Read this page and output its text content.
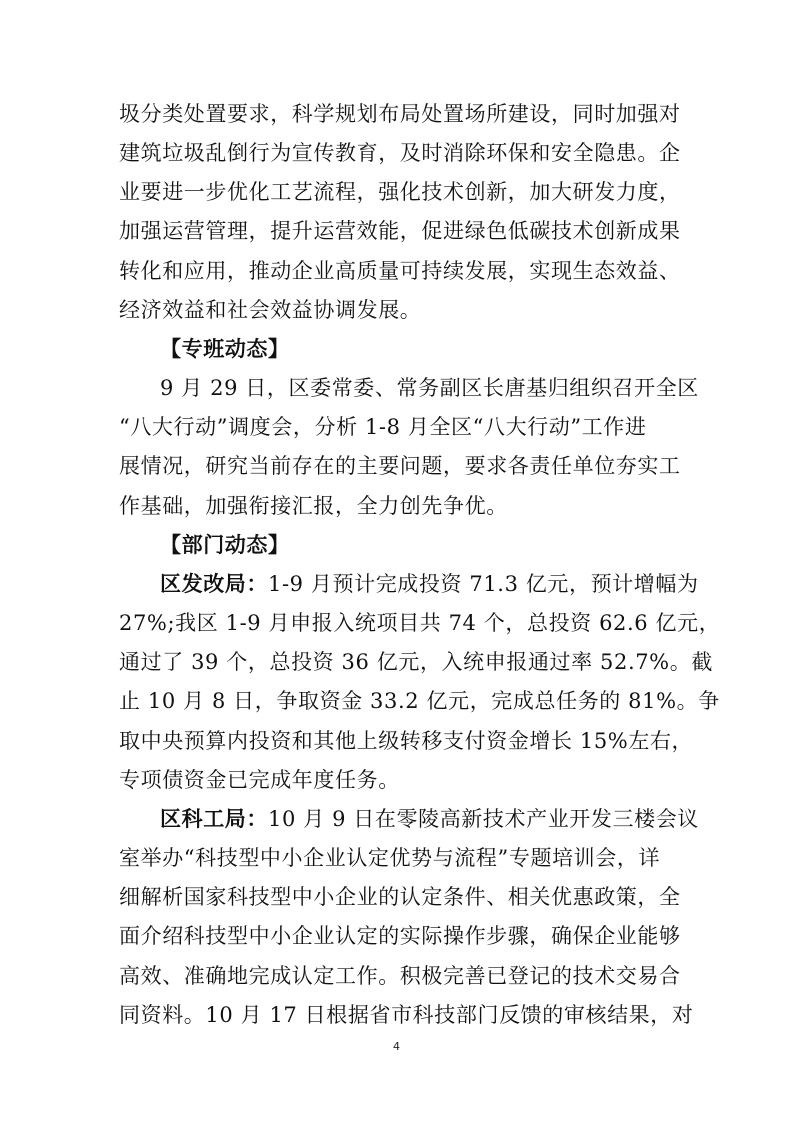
圾分类处置要求，科学规划布局处置场所建设，同时加强对
建筑垃圾乱倒行为宣传教育，及时消除环保和安全隐患。企
业要进一步优化工艺流程，强化技术创新，加大研发力度，
加强运营管理，提升运营效能，促进绿色低碳技术创新成果
转化和应用，推动企业高质量可持续发展，实现生态效益、
经济效益和社会效益协调发展。
【专班动态】
9 月 29 日，区委常委、常务副区长唐基归组织召开全区
“八大行动”调度会，分析 1-8 月全区“八大行动”工作进
展情况，研究当前存在的主要问题，要求各责任单位夯实工
作基础，加强衔接汇报，全力创先争优。
【部门动态】
区发改局：1-9 月预计完成投资 71.3 亿元，预计增幅为
27%;我区 1-9 月申报入统项目共 74 个，总投资 62.6 亿元，
通过了 39 个，总投资 36 亿元，入统申报通过率 52.7%。截
止 10 月 8 日，争取资金 33.2 亿元，完成总任务的 81%。争
取中央预算内投资和其他上级转移支付资金增长 15%左右，
专项债资金已完成年度任务。
区科工局：10 月 9 日在零陵高新技术产业开发三楼会议
室举办“科技型中小企业认定优势与流程”专题培训会，详
细解析国家科技型中小企业的认定条件、相关优惠政策，全
面介绍科技型中小企业认定的实际操作步骤，确保企业能够
高效、准确地完成认定工作。积极完善已登记的技术交易合
同资料。10 月 17 日根据省市科技部门反馈的审核结果，对
4
